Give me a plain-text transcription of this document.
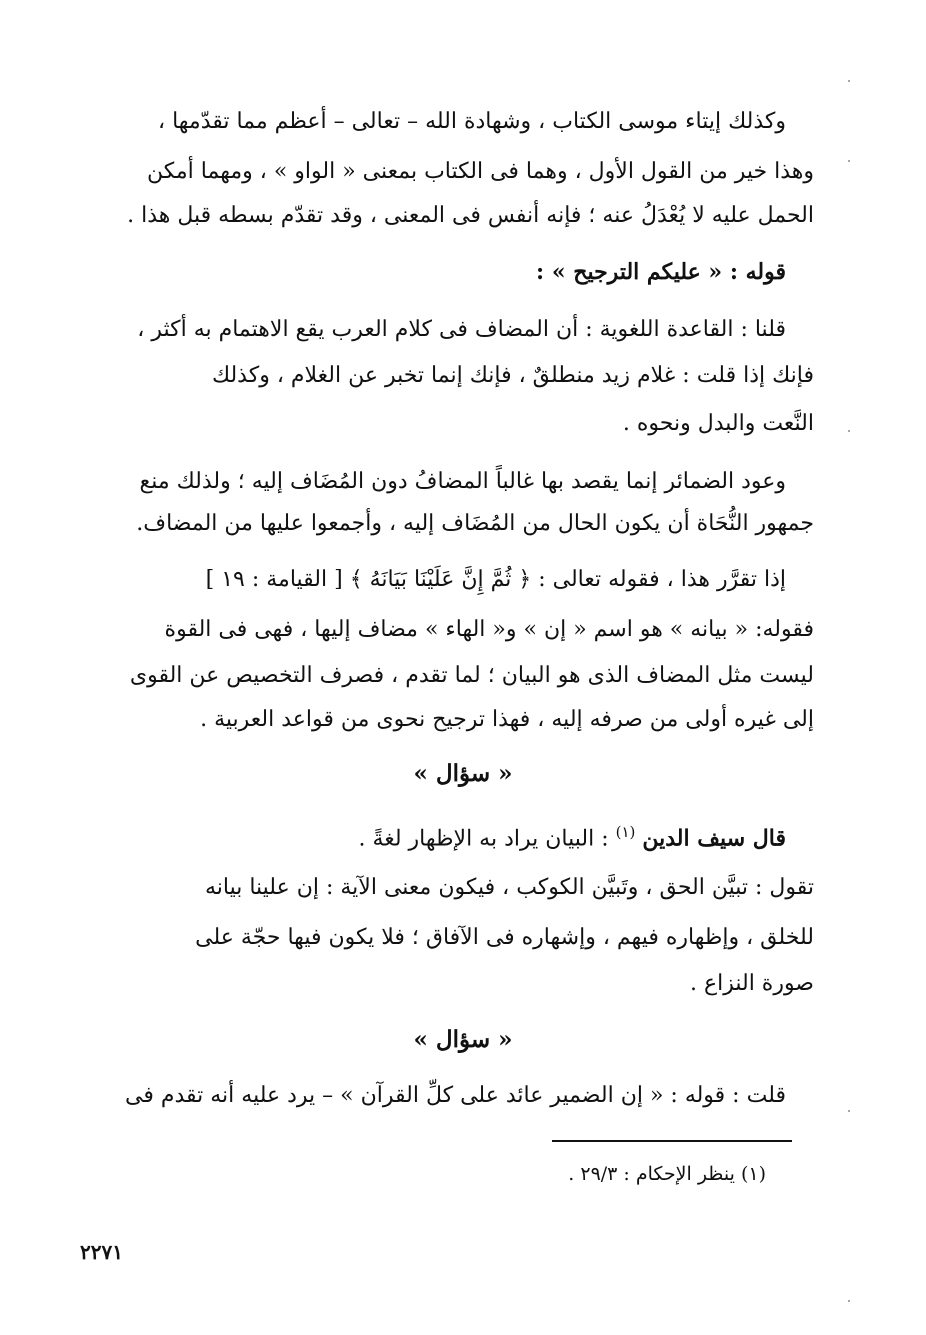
وكذلك إيتاء موسى الكتاب ، وشهادة الله – تعالى – أعظم مما تقدّمها ،
وهذا خير من القول الأول ، وهما فى الكتاب بمعنى « الواو » ، ومهما أمكن
الحمل عليه لا يُعْدَلُ عنه ؛ فإنه أنفس فى المعنى ، وقد تقدّم بسطه قبل هذا .
قوله : « عليكم الترجيح » :
قلنا : القاعدة اللغوية : أن المضاف فى كلام العرب يقع الاهتمام به أكثر ،
فإنك إذا قلت : غلام زيد منطلقٌ ، فإنك إنما تخبر عن الغلام ، وكذلك
النَّعت والبدل ونحوه .
وعود الضمائر إنما يقصد بها غالباً المضافُ دون المُضَاف إليه ؛ ولذلك منع
جمهور النُّحَاة أن يكون الحال من المُضَاف إليه ، وأجمعوا عليها من المضاف.
إذا تقرَّر هذا ، فقوله تعالى : ﴿ ثُمَّ إِنَّ عَلَيْنَا بَيَانَهُ ﴾ [ القيامة : ١٩ ]
فقوله: « بيانه » هو اسم « إن » و« الهاء » مضاف إليها ، فهى فى القوة
ليست مثل المضاف الذى هو البيان ؛ لما تقدم ، فصرف التخصيص عن القوى
إلى غيره أولى من صرفه إليه ، فهذا ترجيح نحوى من قواعد العربية .
« سؤال »
قال سيف الدين $^{(١)}$ : البيان يراد به الإظهار لغةً .
تقول : تبيَّن الحق ، وتَبيَّن الكوكب ، فيكون معنى الآية : إن علينا بيانه
للخلق ، وإظهاره فيهم ، وإشهاره فى الآفاق ؛ فلا يكون فيها حجّة على
صورة النزاع .
« سؤال »
قلت : قوله : « إن الضمير عائد على كلِّ القرآن » – يرد عليه أنه تقدم فى
(١) ينظر الإحكام : ٢٩/٣ .
٢٢٧١
